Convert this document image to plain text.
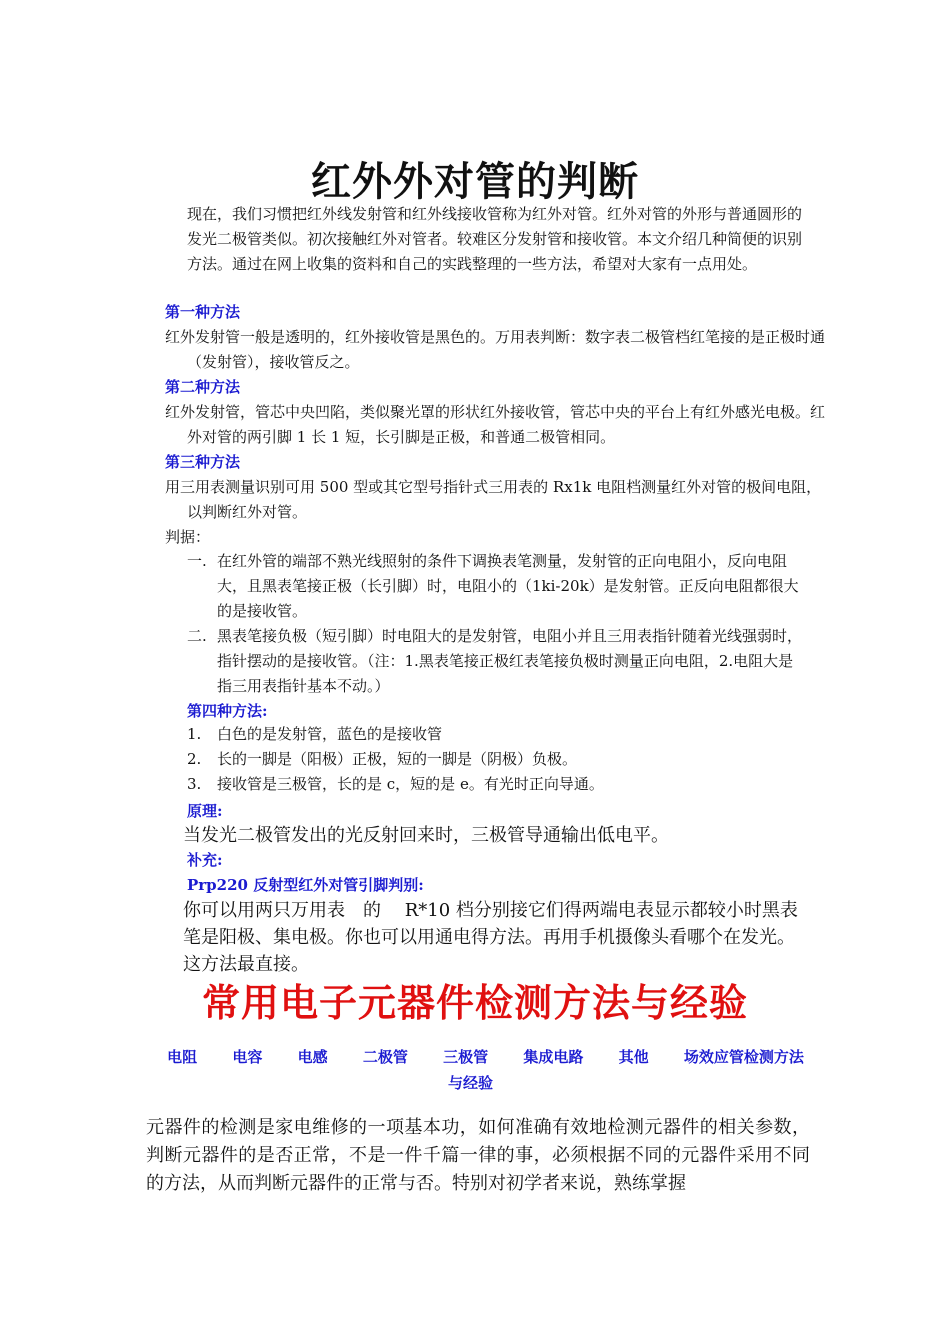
红外外对管的判断

现在，我们习惯把红外线发射管和红外线接收管称为红外对管。红外对管的外形与普通圆形的发光二极管类似。初次接触红外对管者。较难区分发射管和接收管。本文介绍几种简便的识别方法。通过在网上收集的资料和自己的实践整理的一些方法，希望对大家有一点用处。

第一种方法

红外发射管一般是透明的，红外接收管是黑色的。万用表判断：数字表二极管档红笔接的是正极时通（发射管），接收管反之。

第二种方法

红外发射管，管芯中央凹陷，类似聚光罩的形状红外接收管，管芯中央的平台上有红外感光电极。红外对管的两引脚 1 长 1 短，长引脚是正极，和普通二极管相同。

第三种方法

用三用表测量识别可用 500 型或其它型号指针式三用表的 Rx1k 电阻档测量红外对管的极间电阻，以判断红外对管。

判据：

一. 在红外管的端部不熟光线照射的条件下调换表笔测量，发射管的正向电阻小，反向电阻大，且黑表笔接正极（长引脚）时，电阻小的（1ki-20k）是发射管。正反向电阻都很大的是接收管。
二. 黑表笔接负极（短引脚）时电阻大的是发射管，电阻小并且三用表指针随着光线强弱时，指针摆动的是接收管。（注：1.黑表笔接正极红表笔接负极时测量正向电阻，2.电阻大是指三用表指针基本不动。）

第四种方法:

1.	白色的是发射管，蓝色的是接收管
2.	长的一脚是（阳极）正极，短的一脚是（阴极）负极。
3.	接收管是三极管，长的是 c，短的是 e。有光时正向导通。

原理:

当发光二极管发出的光反射回来时，三极管导通输出低电平。

补充:

Prp220 反射型红外对管引脚判别:

你可以用两只万用表　的　 R*10 档分别接它们得两端电表显示都较小时黑表笔是阳极、集电极。你也可以用通电得方法。再用手机摄像头看哪个在发光。这方法最直接。

常用电子元器件检测方法与经验
电阻 电容 电感 二极管 三极管 集成电路 其他 场效应管检测方法与经验

元器件的检测是家电维修的一项基本功，如何准确有效地检测元器件的相关参数，判断元器件的是否正常，不是一件千篇一律的事，必须根据不同的元器件采用不同的方法，从而判断元器件的正常与否。特别对初学者来说，熟练掌握
